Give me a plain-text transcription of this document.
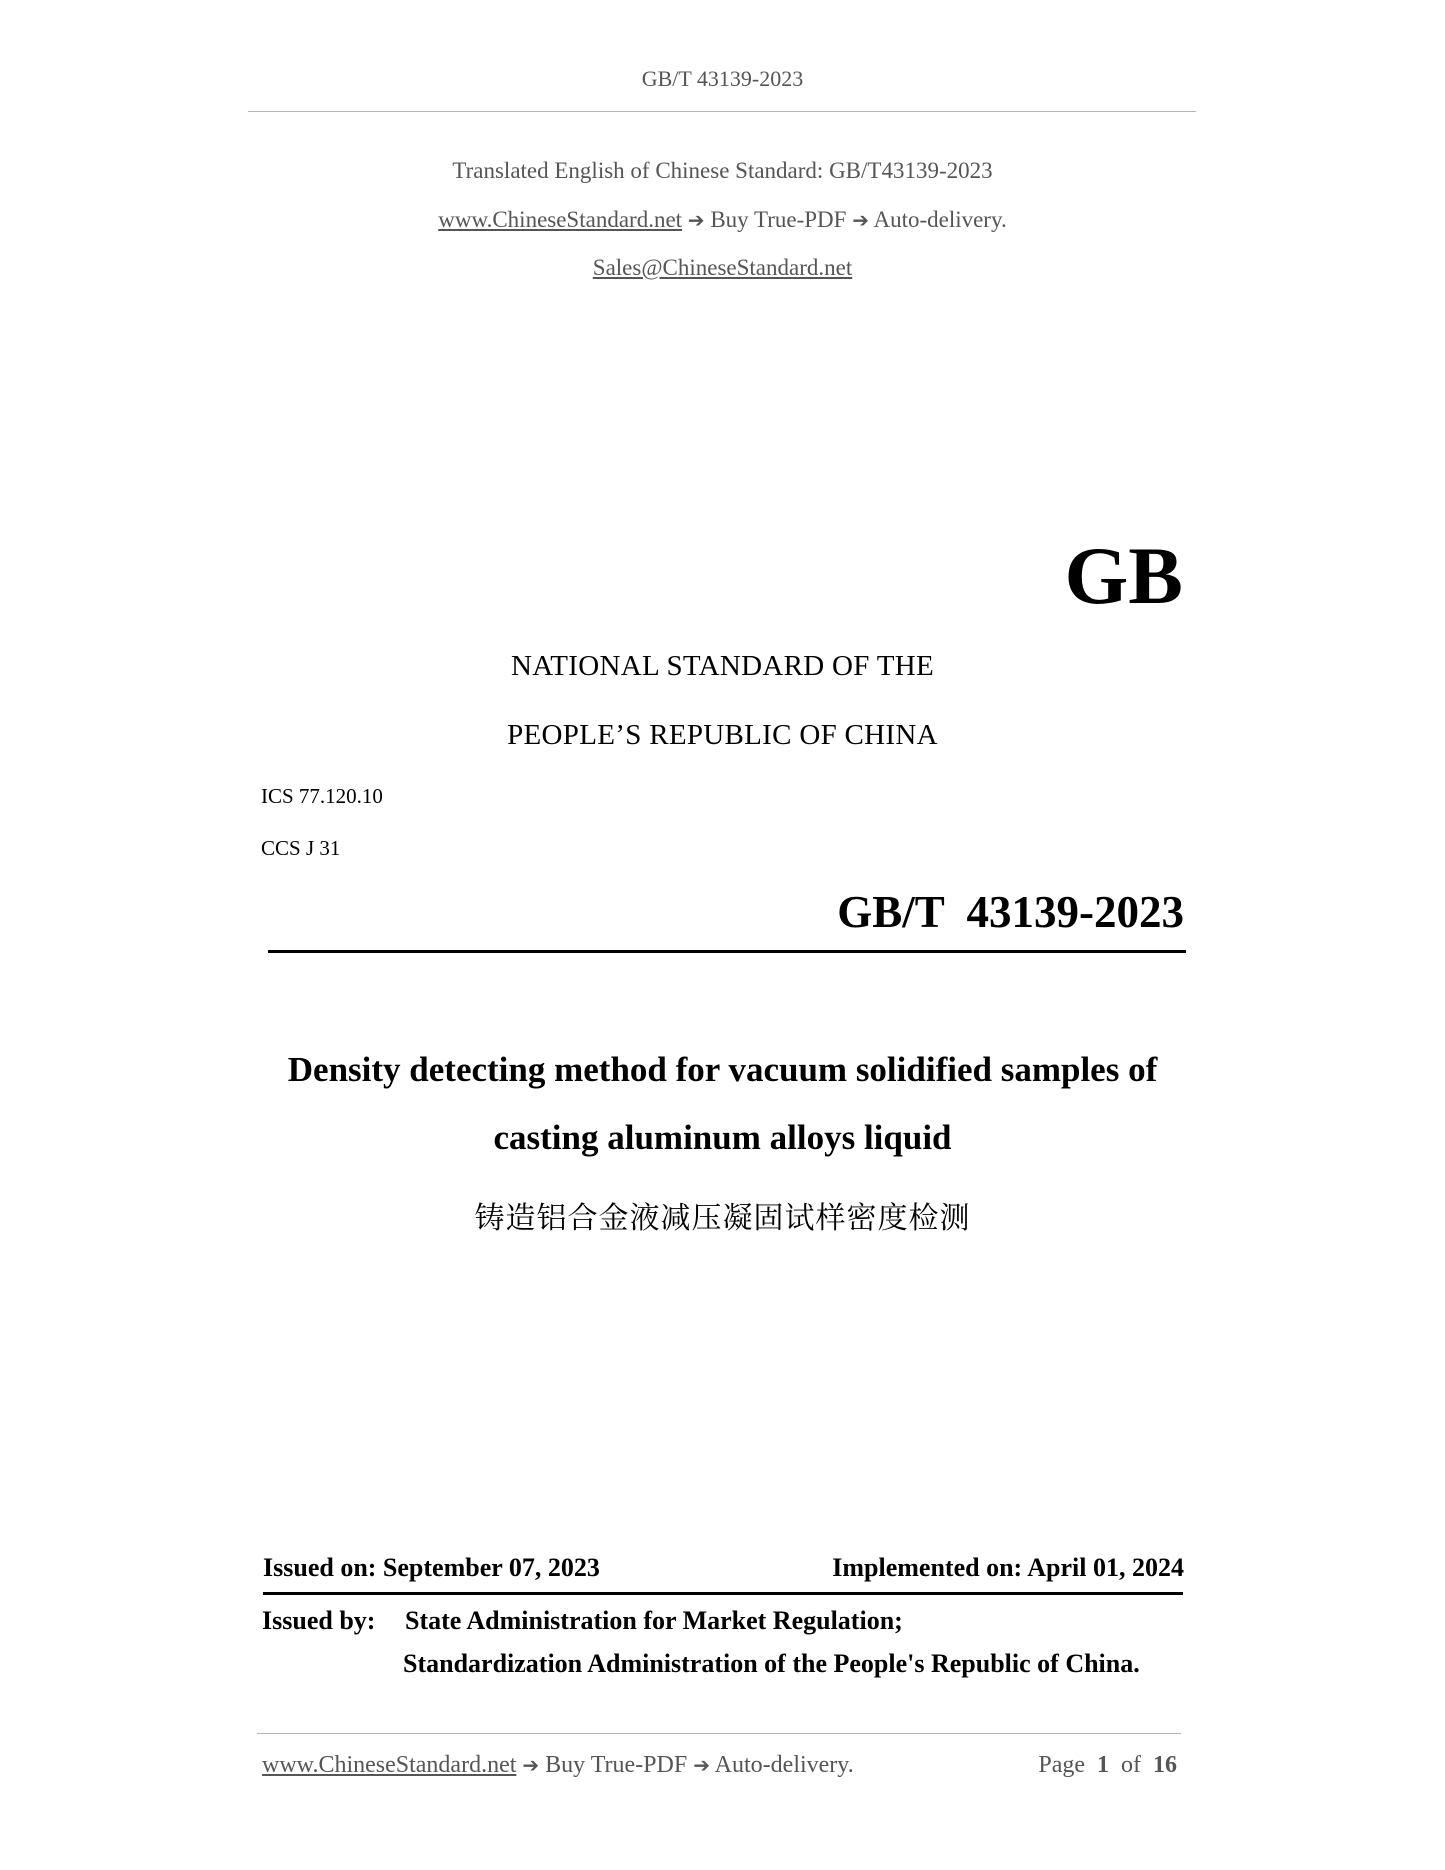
GB/T 43139-2023
Translated English of Chinese Standard: GB/T43139-2023
www.ChineseStandard.net ➔ Buy True-PDF ➔ Auto-delivery.
Sales@ChineseStandard.net
GB
NATIONAL STANDARD OF THE
PEOPLE’S REPUBLIC OF CHINA
ICS 77.120.10
CCS J 31
GB/T  43139-2023
Density detecting method for vacuum solidified samples of
casting aluminum alloys liquid
铸造铝合金液减压凝固试样密度检测
Issued on: September 07, 2023	Implemented on: April 01, 2024
Issued by: State Administration for Market Regulation;
Standardization Administration of the People's Republic of China.
www.ChineseStandard.net ➔ Buy True-PDF ➔ Auto-delivery.	Page 1 of 16
